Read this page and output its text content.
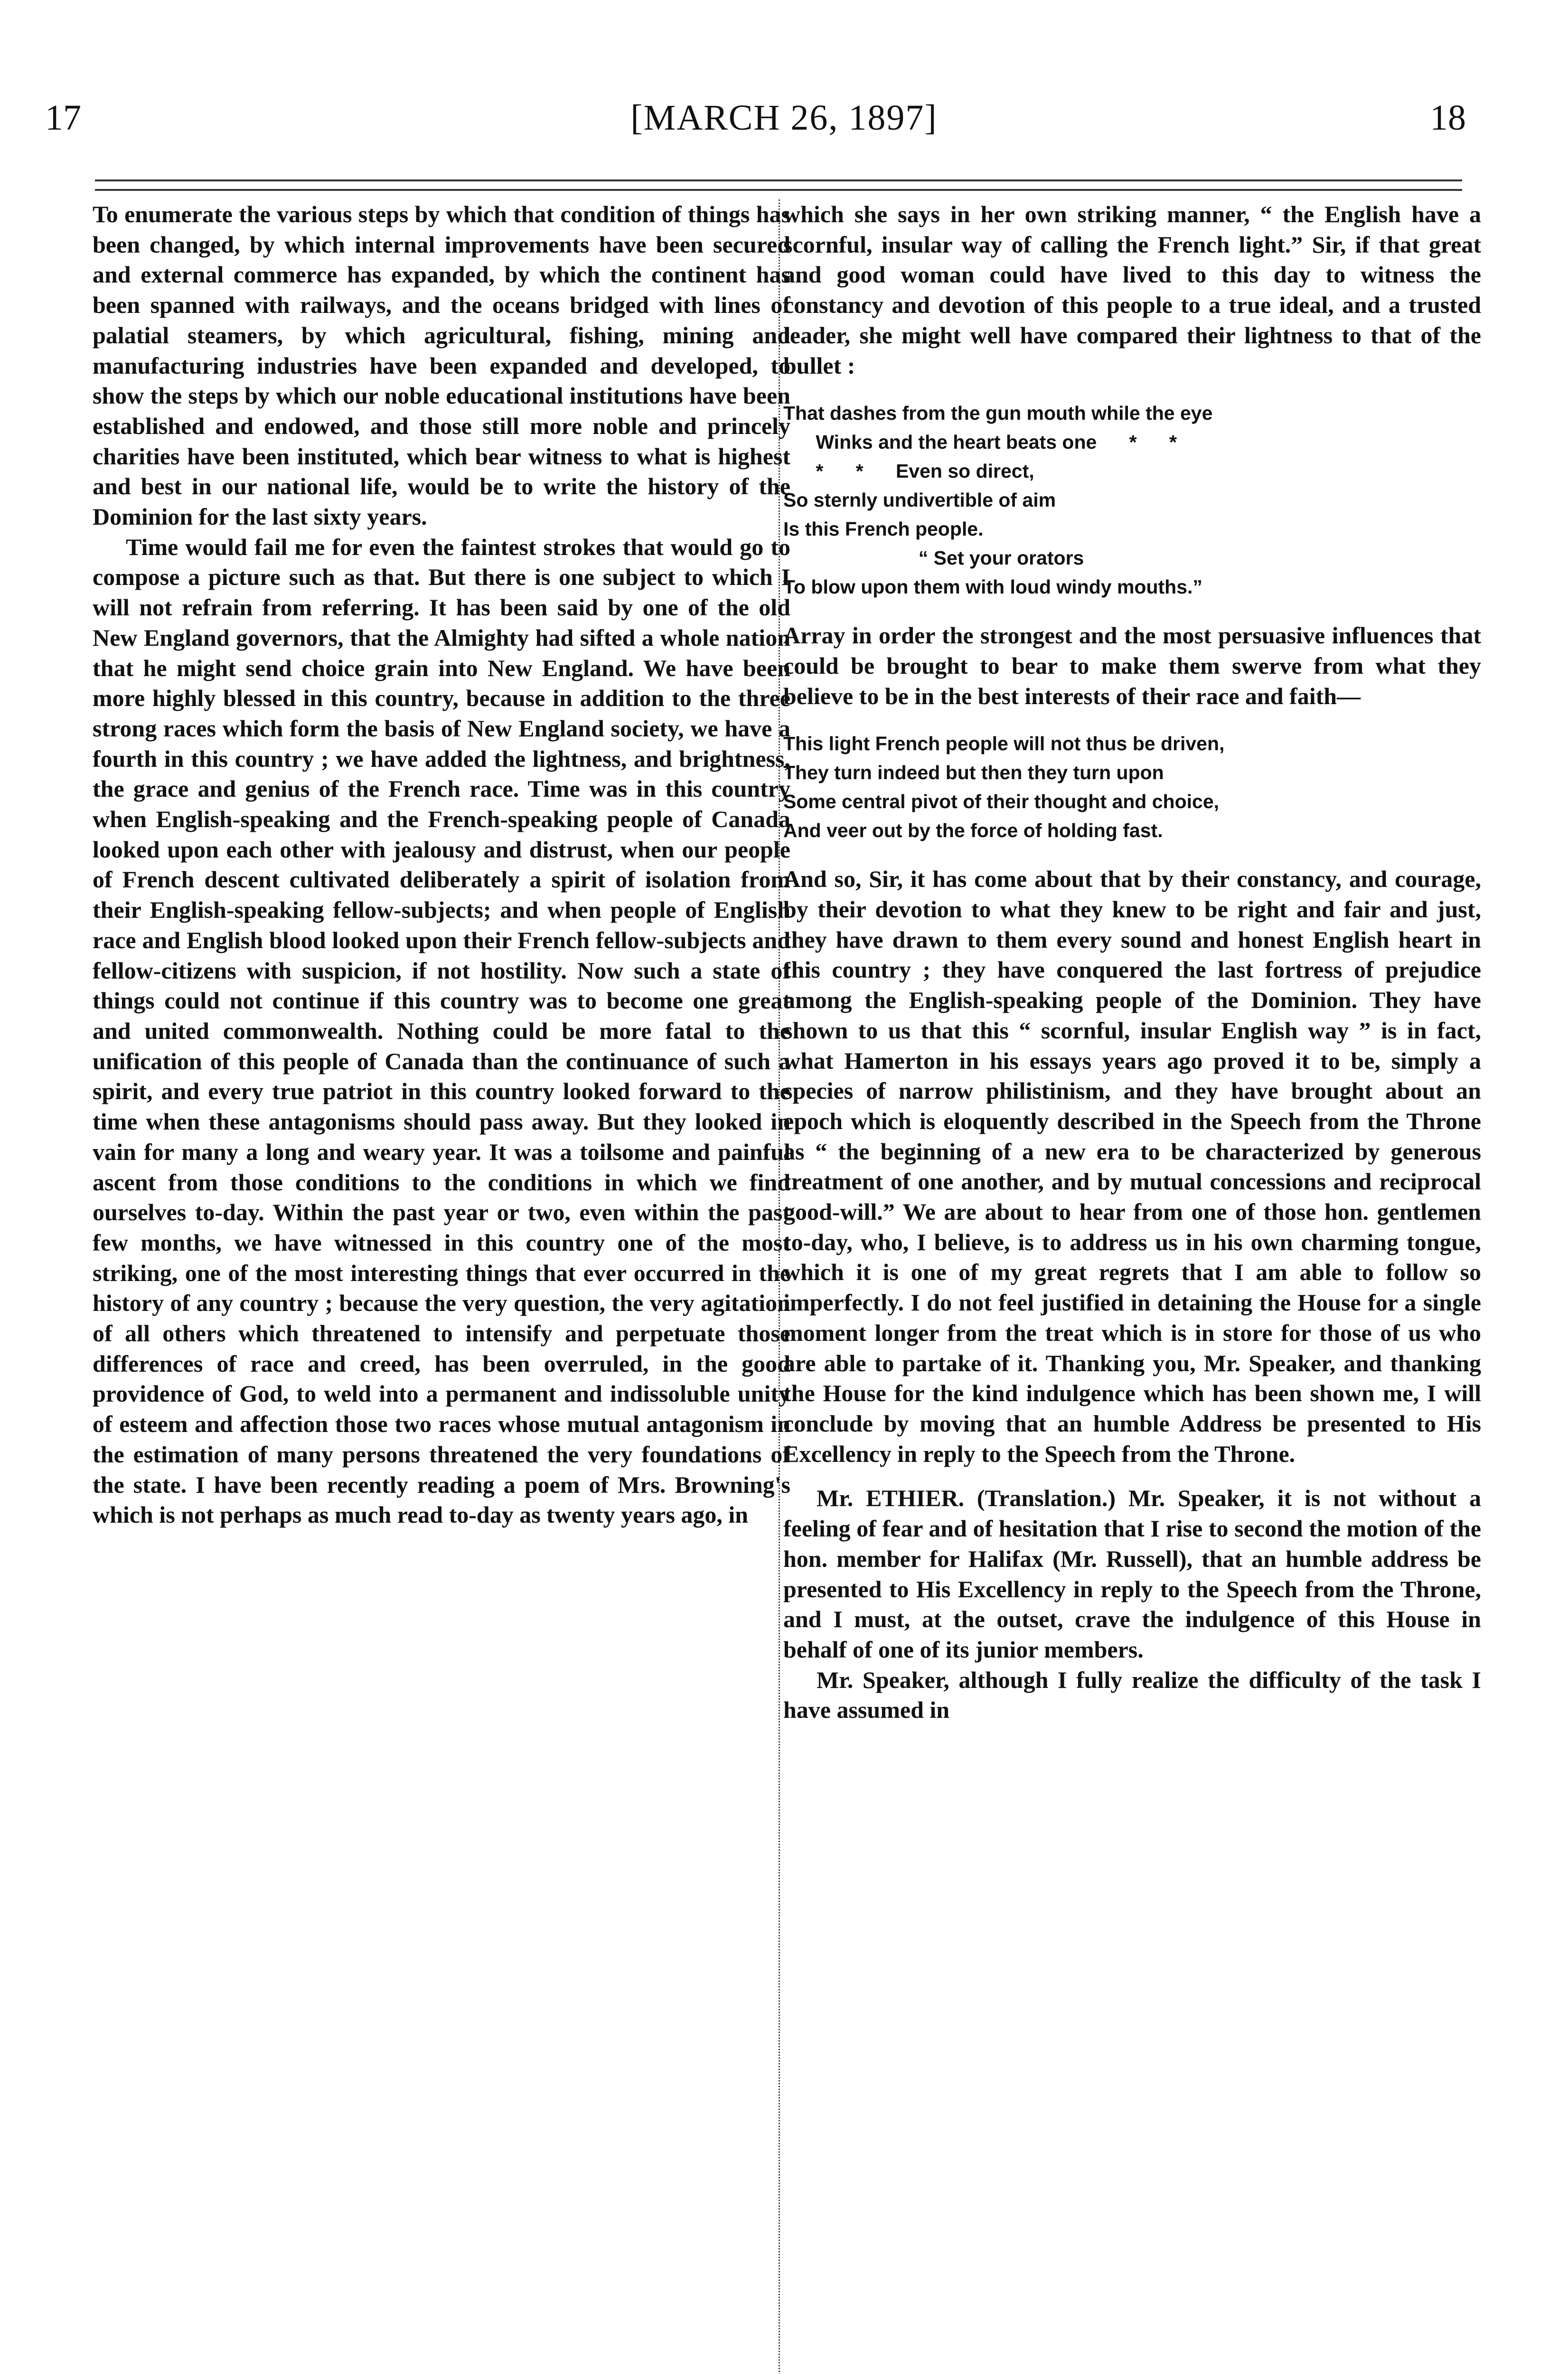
17	[MARCH 26, 1897]	18

To enumerate the various steps by which that condition of things has been changed, by which internal improvements have been secured and external commerce has expanded, by which the continent has been spanned with railways, and the oceans bridged with lines of palatial steamers, by which agricultural, fishing, mining and manufacturing industries have been expanded and developed, to show the steps by which our noble educational institutions have been established and endowed, and those still more noble and princely charities have been instituted, which bear witness to what is highest and best in our national life, would be to write the history of the Dominion for the last sixty years.

Time would fail me for even the faintest strokes that would go to compose a picture such as that. But there is one subject to which I will not refrain from referring. It has been said by one of the old New England governors, that the Almighty had sifted a whole nation that he might send choice grain into New England. We have been more highly blessed in this country, because in addition to the three strong races which form the basis of New England society, we have a fourth in this country ; we have added the lightness, and brightness, the grace and genius of the French race. Time was in this country when English-speaking and the French-speaking people of Canada looked upon each other with jealousy and distrust, when our people of French descent cultivated deliberately a spirit of isolation from their English-speaking fellow-subjects; and when people of English race and English blood looked upon their French fellow-subjects and fellow-citizens with suspicion, if not hostility. Now such a state of things could not continue if this country was to become one great and united commonwealth. Nothing could be more fatal to the unification of this people of Canada than the continuance of such a spirit, and every true patriot in this country looked forward to the time when these antagonisms should pass away. But they looked in vain for many a long and weary year. It was a toilsome and painful ascent from those conditions to the conditions in which we find ourselves to-day. Within the past year or two, even within the past few months, we have witnessed in this country one of the most striking, one of the most interesting things that ever occurred in the history of any country ; because the very question, the very agitation of all others which threatened to intensify and perpetuate those differences of race and creed, has been overruled, in the good providence of God, to weld into a permanent and indissoluble unity of esteem and affection those two races whose mutual antagonism in the estimation of many persons threatened the very foundations of the state. I have been recently reading a poem of Mrs. Browning's which is not perhaps as much read to-day as twenty years ago, in

which she says in her own striking manner, “ the English have a scornful, insular way of calling the French light.” Sir, if that great and good woman could have lived to this day to witness the constancy and devotion of this people to a true ideal, and a trusted leader, she might well have compared their lightness to that of the bullet :

That dashes from the gun mouth while the eye
Winks and the heart beats one      *      *
*      *      Even so direct,
So sternly undivertible of aim
Is this French people.
“ Set your orators
To blow upon them with loud windy mouths.”

Array in order the strongest and the most persuasive influences that could be brought to bear to make them swerve from what they believe to be in the best interests of their race and faith—

This light French people will not thus be driven,
They turn indeed but then they turn upon
Some central pivot of their thought and choice,
And veer out by the force of holding fast.

And so, Sir, it has come about that by their constancy, and courage, by their devotion to what they knew to be right and fair and just, they have drawn to them every sound and honest English heart in this country ; they have conquered the last fortress of prejudice among the English-speaking people of the Dominion. They have shown to us that this “ scornful, insular English way ” is in fact, what Hamerton in his essays years ago proved it to be, simply a species of narrow philistinism, and they have brought about an epoch which is eloquently described in the Speech from the Throne as “ the beginning of a new era to be characterized by generous treatment of one another, and by mutual concessions and reciprocal good-will.” We are about to hear from one of those hon. gentlemen to-day, who, I believe, is to address us in his own charming tongue, which it is one of my great regrets that I am able to follow so imperfectly. I do not feel justified in detaining the House for a single moment longer from the treat which is in store for those of us who are able to partake of it. Thanking you, Mr. Speaker, and thanking the House for the kind indulgence which has been shown me, I will conclude by moving that an humble Address be presented to His Excellency in reply to the Speech from the Throne.

Mr. ETHIER. (Translation.) Mr. Speaker, it is not without a feeling of fear and of hesitation that I rise to second the motion of the hon. member for Halifax (Mr. Russell), that an humble address be presented to His Excellency in reply to the Speech from the Throne, and I must, at the outset, crave the indulgence of this House in behalf of one of its junior members.

Mr. Speaker, although I fully realize the difficulty of the task I have assumed in
